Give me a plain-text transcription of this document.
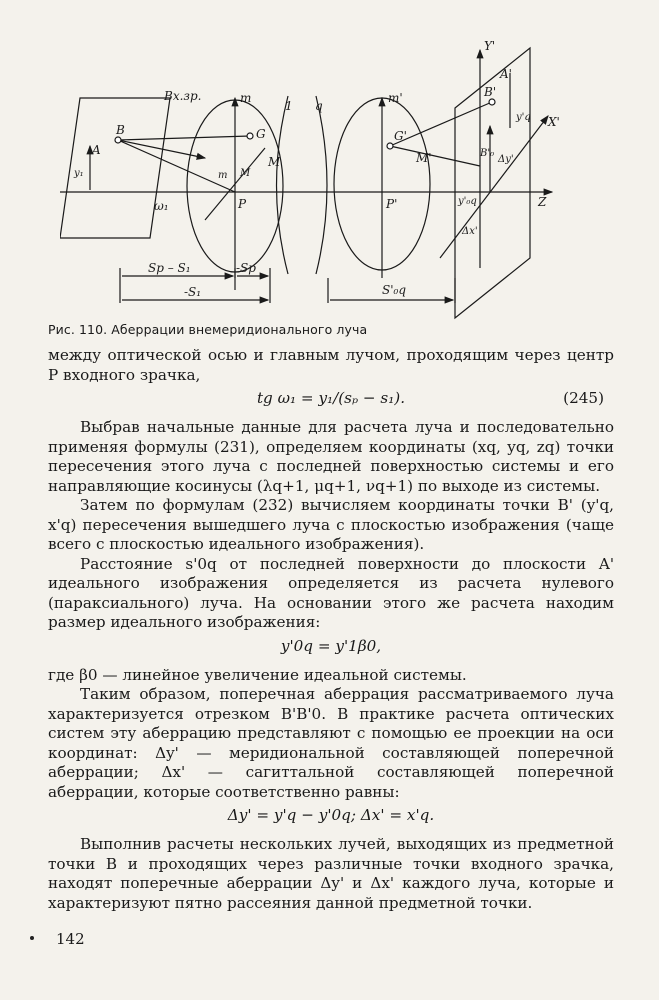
Вх.зр.	m
1 q
m'
Y'
X'
Z
A
B	G
M
M
m
P	P'
G'
M'
A'
B'
B'₀
ω₁
y₁
y'q
y'₀q
Δy'
Δx'
Sp – S₁	-Sp
-S₁	S'₀q
Рис. 110. Аберрации внемеридионального луча

между оптической осью и главным лучом, проходящим через центр P входного зрачка,

tg ω₁ = y₁/(sₚ − s₁).	(245)

Выбрав начальные данные для расчета луча и последовательно применяя формулы (231), определяем координаты (xq, yq, zq) точки пересечения этого луча с последней поверхностью системы и его направляющие косинусы (λq+1, μq+1, νq+1) по выходе из системы.

Затем по формулам (232) вычисляем координаты точки B' (y'q, x'q) пересечения вышедшего луча с плоскостью изображения (чаще всего с плоскостью идеального изображения).

Расстояние s'0q от последней поверхности до плоскости A' идеального изображения определяется из расчета нулевого (параксиального) луча. На основании этого же расчета находим размер идеального изображения:

y'0q = y'1β0,

где β0 — линейное увеличение идеальной системы.

Таким образом, поперечная аберрация рассматриваемого луча характеризуется отрезком B'B'0. В практике расчета оптических систем эту аберрацию представляют с помощью ее проекции на оси координат: Δy' — меридиональной составляющей поперечной аберрации; Δx' — сагиттальной составляющей поперечной аберрации, которые соответственно равны:

Δy' = y'q − y'0q; Δx' = x'q.

Выполнив расчеты нескольких лучей, выходящих из предметной точки B и проходящих через различные точки входного зрачка, находят поперечные аберрации Δy' и Δx' каждого луча, которые и характеризуют пятно рассеяния данной предметной точки.

142
